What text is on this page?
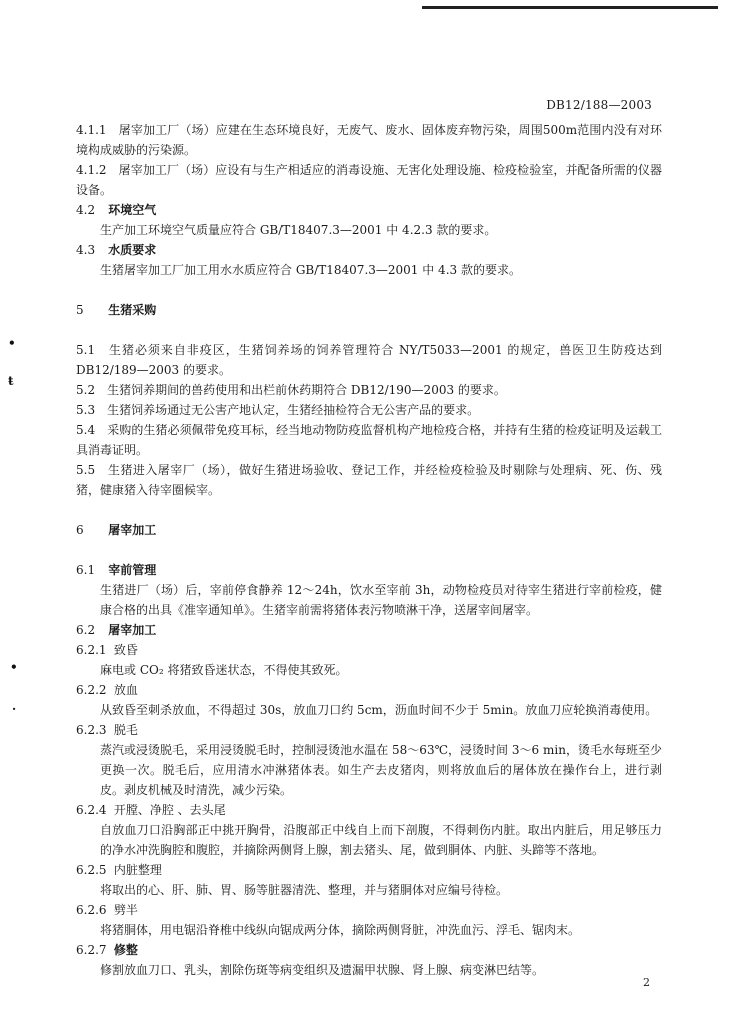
DB12/188—2003
•
ŧ
•
·

4.1.1　屠宰加工厂（场）应建在生态环境良好，无废气、废水、固体废弃物污染，周围500m范围内没有对环境构成威胁的污染源。

4.1.2　屠宰加工厂（场）应设有与生产相适应的消毒设施、无害化处理设施、检疫检验室，并配备所需的仪器设备。

4.2 环境空气

生产加工环境空气质量应符合 GB/T18407.3—2001 中 4.2.3 款的要求。

4.3 水质要求

生猪屠宰加工厂加工用水水质应符合 GB/T18407.3—2001 中 4.3 款的要求。

5 生猪采购

5.1　生猪必须来自非疫区，生猪饲养场的饲养管理符合 NY/T5033—2001 的规定，兽医卫生防疫达到 DB12/189—2003 的要求。

5.2　生猪饲养期间的兽药使用和出栏前休药期符合 DB12/190—2003 的要求。

5.3　生猪饲养场通过无公害产地认定，生猪经抽检符合无公害产品的要求。

5.4　采购的生猪必须佩带免疫耳标，经当地动物防疫监督机构产地检疫合格，并持有生猪的检疫证明及运载工具消毒证明。

5.5　生猪进入屠宰厂（场），做好生猪进场验收、登记工作，并经检疫检验及时剔除与处理病、死、伤、残猪，健康猪入待宰圈候宰。

6 屠宰加工

6.1 宰前管理

生猪进厂（场）后，宰前停食静养 12～24h，饮水至宰前 3h，动物检疫员对待宰生猪进行宰前检疫，健康合格的出具《准宰通知单》。生猪宰前需将猪体表污物喷淋干净，送屠宰间屠宰。

6.2 屠宰加工

6.2.1 致昏

麻电或 CO₂ 将猪致昏迷状态，不得使其致死。

6.2.2 放血

从致昏至刺杀放血，不得超过 30s，放血刀口约 5cm，沥血时间不少于 5min。放血刀应轮换消毒使用。

6.2.3 脱毛

蒸汽或浸烫脱毛，采用浸烫脱毛时，控制浸烫池水温在 58～63℃，浸烫时间 3～6 min，烫毛水每班至少更换一次。脱毛后，应用清水冲淋猪体表。如生产去皮猪肉，则将放血后的屠体放在操作台上，进行剥皮。剥皮机械及时清洗，减少污染。

6.2.4 开膛、净腔 、去头尾

自放血刀口沿胸部正中挑开胸骨，沿腹部正中线自上而下剖腹，不得刺伤内脏。取出内脏后，用足够压力的净水冲洗胸腔和腹腔，并摘除两侧肾上腺，割去猪头、尾，做到胴体、内脏、头蹄等不落地。

6.2.5 内脏整理

将取出的心、肝、肺、胃、肠等脏器清洗、整理，并与猪胴体对应编号待检。

6.2.6 劈半

将猪胴体，用电锯沿脊椎中线纵向锯成两分体，摘除两侧肾脏，冲洗血污、浮毛、锯肉末。

6.2.7 修整

修割放血刀口、乳头，割除伤斑等病变组织及遗漏甲状腺、肾上腺、病变淋巴结等。

2
